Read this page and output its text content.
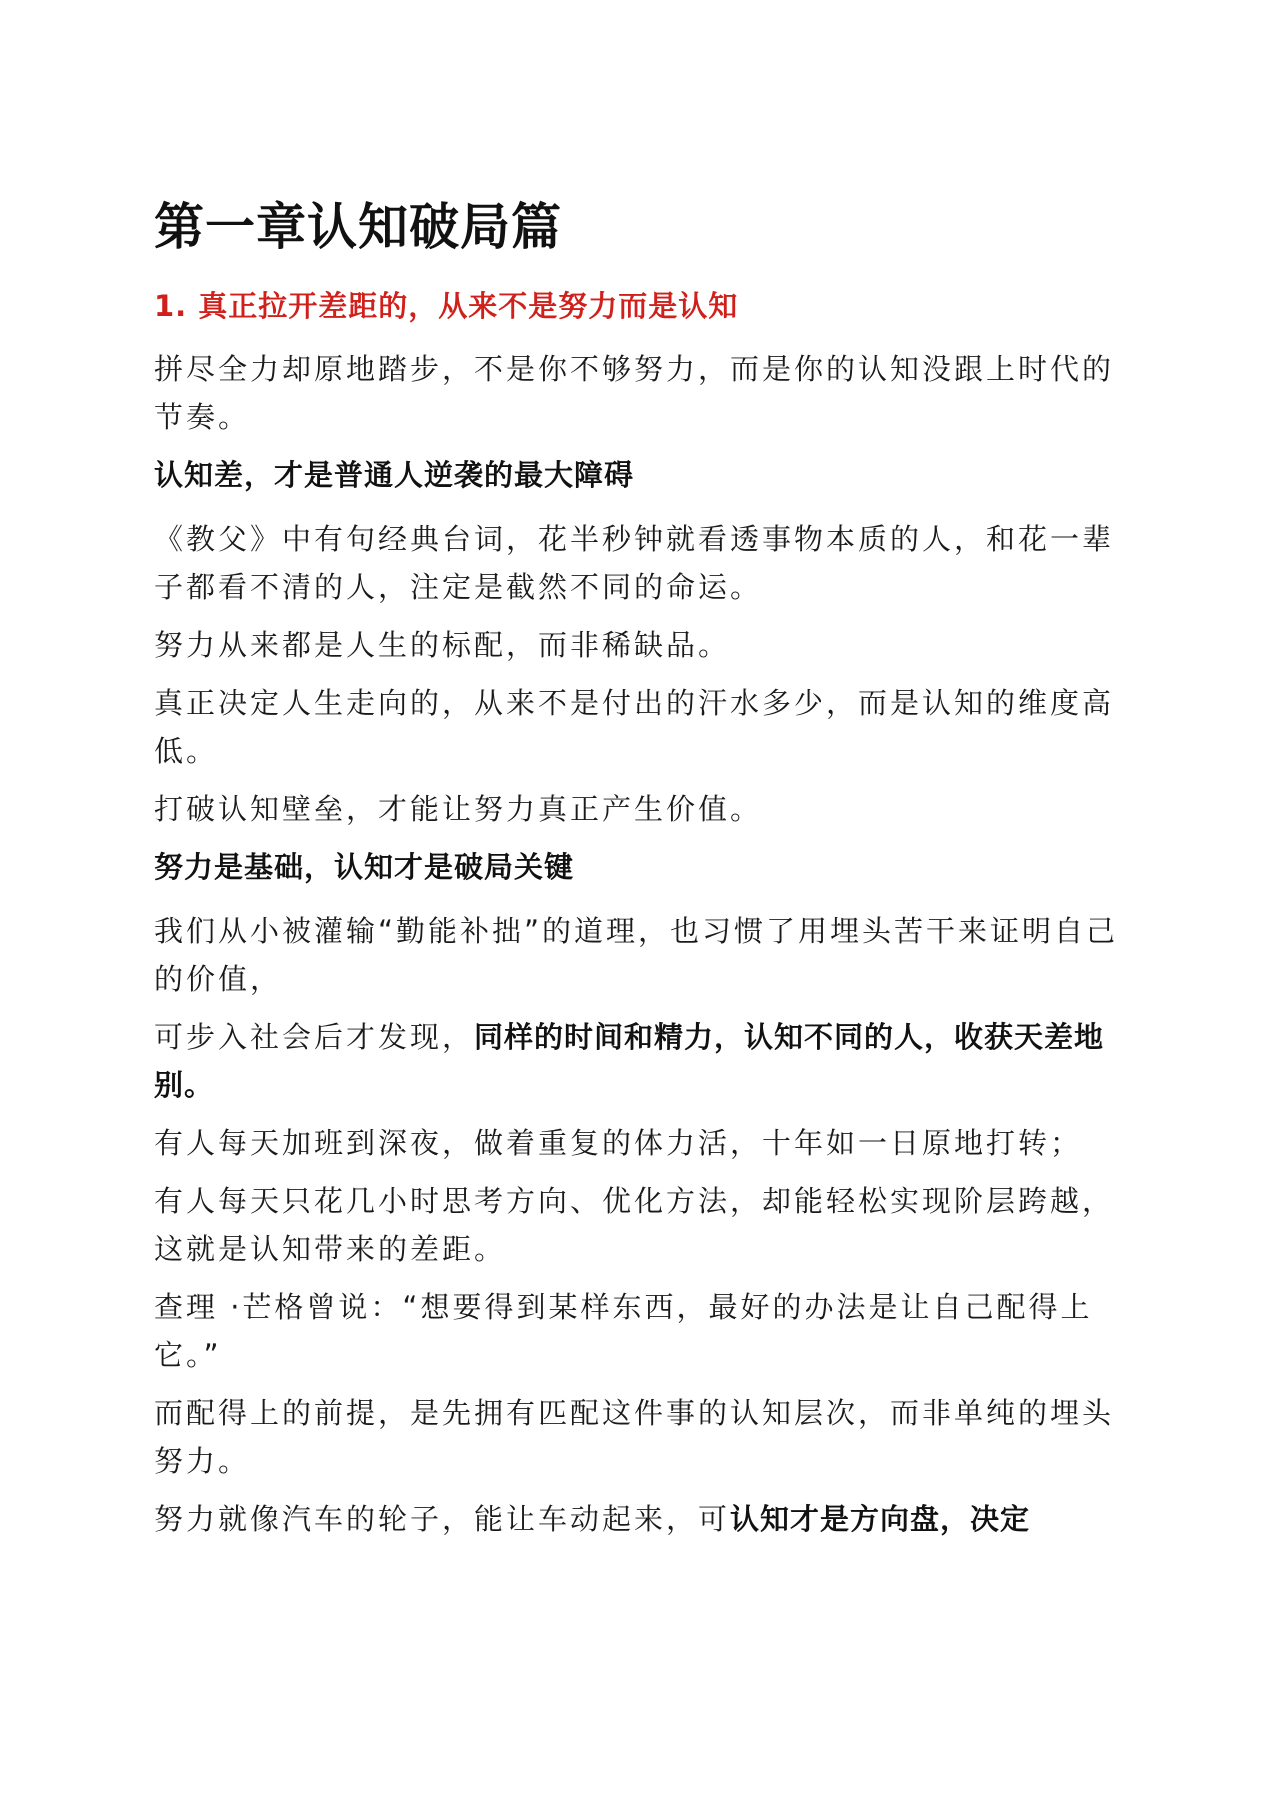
第一章认知破局篇
1. 真正拉开差距的，从来不是努力而是认知

拼尽全力却原地踏步，不是你不够努力，而是你的认知没跟上时代的节奏。

认知差，才是普通人逆袭的最大障碍

《教父》中有句经典台词，花半秒钟就看透事物本质的人，和花一辈子都看不清的人，注定是截然不同的命运。

努力从来都是人生的标配，而非稀缺品。

真正决定人生走向的，从来不是付出的汗水多少，而是认知的维度高低。

打破认知壁垒，才能让努力真正产生价值。

努力是基础，认知才是破局关键

我们从小被灌输“勤能补拙”的道理，也习惯了用埋头苦干来证明自己的价值，

可步入社会后才发现，同样的时间和精力，认知不同的人，收获天差地别。

有人每天加班到深夜，做着重复的体力活，十年如一日原地打转；

有人每天只花几小时思考方向、优化方法，却能轻松实现阶层跨越，这就是认知带来的差距。

查理 ·芒格曾说：“想要得到某样东西，最好的办法是让自己配得上它。”

而配得上的前提，是先拥有匹配这件事的认知层次，而非单纯的埋头努力。

努力就像汽车的轮子，能让车动起来，可认知才是方向盘，决定
